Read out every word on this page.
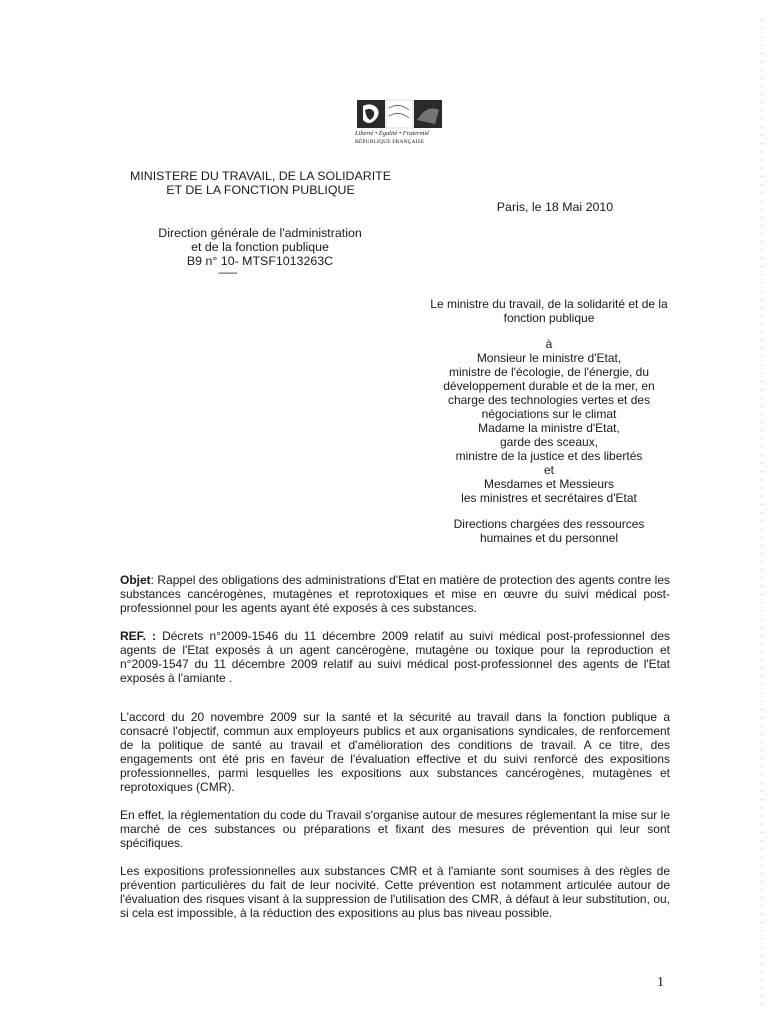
Liberté • Égalité • Fraternité
RÉPUBLIQUE FRANÇAISE
MINISTERE DU TRAVAIL, DE LA SOLIDARITE
ET DE LA FONCTION PUBLIQUE
Paris, le 18 Mai 2010
Direction générale de l'administration
et de la fonction publique
B9 n° 10- MTSF1013263C
--------

Le ministre du travail, de la solidarité et de la

fonction publique

à

Monsieur le ministre d'Etat,

ministre de l'écologie, de l'énergie, du

développement durable et de la mer, en

charge des technologies vertes et des

négociations sur le climat

Madame la ministre d'Etat,

garde des sceaux,

ministre de la justice et des libertés

et

Mesdames et Messieurs

les ministres et secrétaires d'Etat

Directions chargées des ressources

humaines et du personnel

Objet: Rappel des obligations des administrations d'Etat en matière de protection des agents contre les substances cancérogènes, mutagènes et reprotoxiques et mise en œuvre du suivi médical post-professionnel pour les agents ayant été exposés à ces substances.

REF. : Décrets n°2009-1546 du 11 décembre 2009 relatif au suivi médical post-professionnel des agents de l'Etat exposés à un agent cancérogène, mutagène ou toxique pour la reproduction et n°2009-1547 du 11 décembre 2009 relatif au suivi médical post-professionnel des agents de l'Etat exposés à l'amiante .

L'accord du 20 novembre 2009 sur la santé et la sécurité au travail dans la fonction publique a consacré l'objectif, commun aux employeurs publics et aux organisations syndicales, de renforcement de la politique de santé au travail et d'amélioration des conditions de travail. A ce titre, des engagements ont été pris en faveur de l'évaluation effective et du suivi renforcé des expositions professionnelles, parmi lesquelles les expositions aux substances cancérogènes, mutagènes et reprotoxiques (CMR).

En effet, la réglementation du code du Travail s'organise autour de mesures réglementant la mise sur le marché de ces substances ou préparations et fixant des mesures de prévention qui leur sont spécifiques.

Les expositions professionnelles aux substances CMR et à l'amiante sont soumises à des règles de prévention particulières du fait de leur nocivité. Cette prévention est notamment articulée autour de l'évaluation des risques visant à la suppression de l'utilisation des CMR, à défaut à leur substitution, ou, si cela est impossible, à la réduction des expositions au plus bas niveau possible.

1
